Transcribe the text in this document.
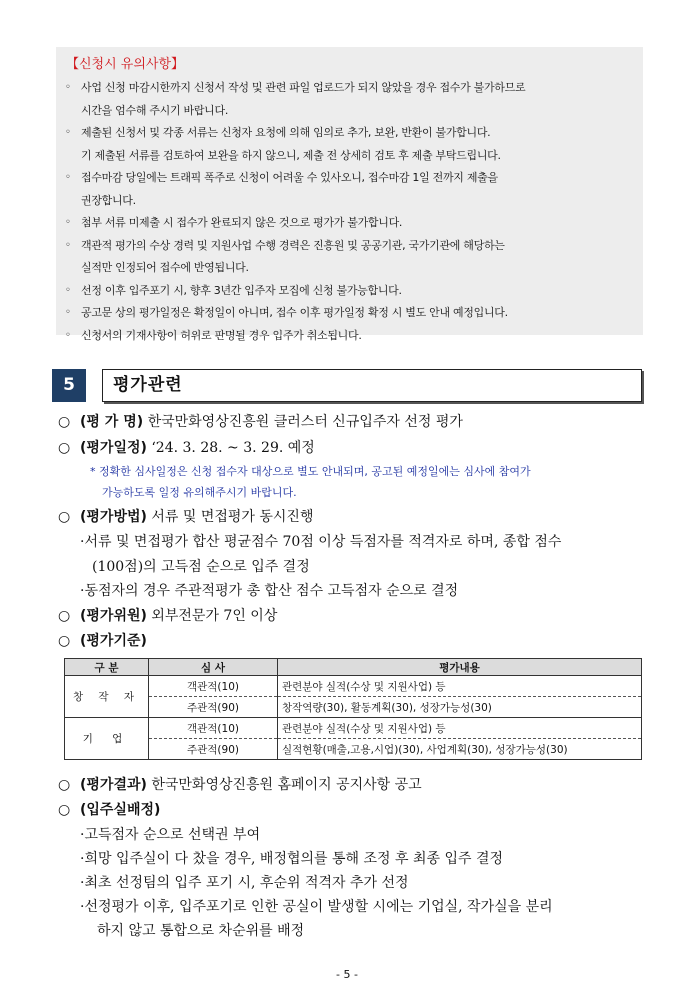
【신청시 유의사항】
◦ 사업 신청 마감시한까지 신청서 작성 및 관련 파일 업로드가 되지 않았을 경우 접수가 불가하므로
시간을 엄수해 주시기 바랍니다.
◦ 제출된 신청서 및 각종 서류는 신청자 요청에 의해 임의로 추가, 보완, 반환이 불가합니다.
기 제출된 서류를 검토하여 보완을 하지 않으니, 제출 전 상세히 검토 후 제출 부탁드립니다.
◦ 접수마감 당일에는 트래픽 폭주로 신청이 어려울 수 있사오니, 접수마감 1일 전까지 제출을
권장합니다.
◦ 첨부 서류 미제출 시 접수가 완료되지 않은 것으로 평가가 불가합니다.
◦ 객관적 평가의 수상 경력 및 지원사업 수행 경력은 진흥원 및 공공기관, 국가기관에 해당하는
실적만 인정되어 접수에 반영됩니다.
◦ 선정 이후 입주포기 시, 향후 3년간 입주자 모집에 신청 불가능합니다.
◦ 공고문 상의 평가일정은 확정일이 아니며, 접수 이후 평가일정 확정 시 별도 안내 예정입니다.
◦ 신청서의 기재사항이 허위로 판명될 경우 입주가 취소됩니다.
5	평가관련
○ (평 가 명) 한국만화영상진흥원 클러스터 신규입주자 선정 평가
○ (평가일정) ‘24. 3. 28. ~ 3. 29. 예정
* 정확한 심사일정은 신청 접수자 대상으로 별도 안내되며, 공고된 예정일에는 심사에 참여가
가능하도록 일정 유의해주시기 바랍니다.
○ (평가방법) 서류 및 면접평가 동시진행
·서류 및 면접평가 합산 평균점수 70점 이상 득점자를 적격자로 하며, 종합 점수
(100점)의 고득점 순으로 입주 결정
·동점자의 경우 주관적평가 총 합산 점수 고득점자 순으로 결정
○ (평가위원) 외부전문가 7인 이상
○ (평가기준)
구 분	심 사	평가내용
창 작 자	객관적(10)	관련분야 실적(수상 및 지원사업) 등
	주관적(90)	창작역량(30), 활동계획(30), 성장가능성(30)
기 업	객관적(10)	관련분야 실적(수상 및 지원사업) 등
	주관적(90)	실적현황(매출,고용,시업)(30), 사업계획(30), 성장가능성(30)
○ (평가결과) 한국만화영상진흥원 홈페이지 공지사항 공고
○ (입주실배정)
·고득점자 순으로 선택권 부여
·희망 입주실이 다 찼을 경우, 배정협의를 통해 조정 후 최종 입주 결정
·최초 선정팀의 입주 포기 시, 후순위 적격자 추가 선정
·선정평가 이후, 입주포기로 인한 공실이 발생할 시에는 기업실, 작가실을 분리
하지 않고 통합으로 차순위를 배정
- 5 -
